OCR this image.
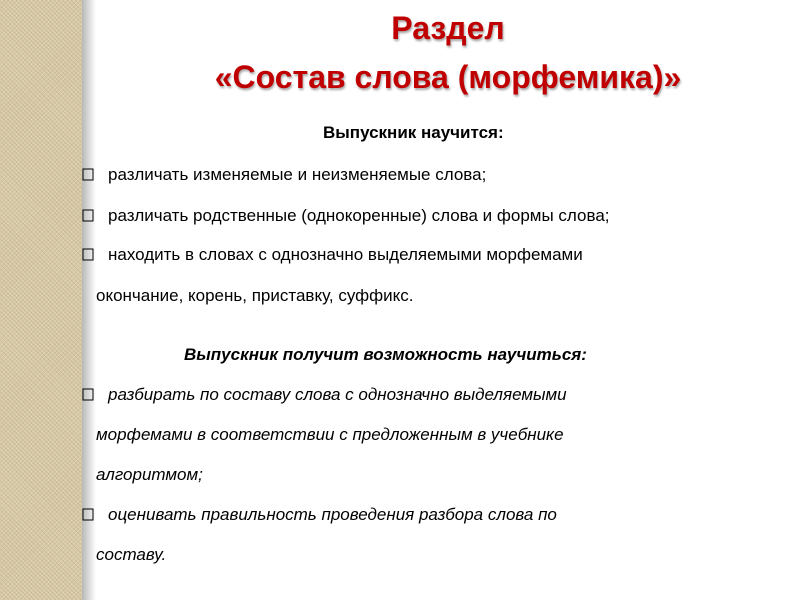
Раздел
«Состав слова (морфемика)»

Выпускник научится:

различать изменяемые и неизменяемые слова;
различать родственные (однокоренные) слова и формы слова;
находить в словах с однозначно выделяемыми морфемами
окончание, корень, приставку, суффикс.

Выпускник получит возможность научиться:

разбирать по составу слова с однозначно выделяемыми
морфемами в соответствии с предложенным в учебнике
алгоритмом;
оценивать правильность проведения разбора слова по
составу.
